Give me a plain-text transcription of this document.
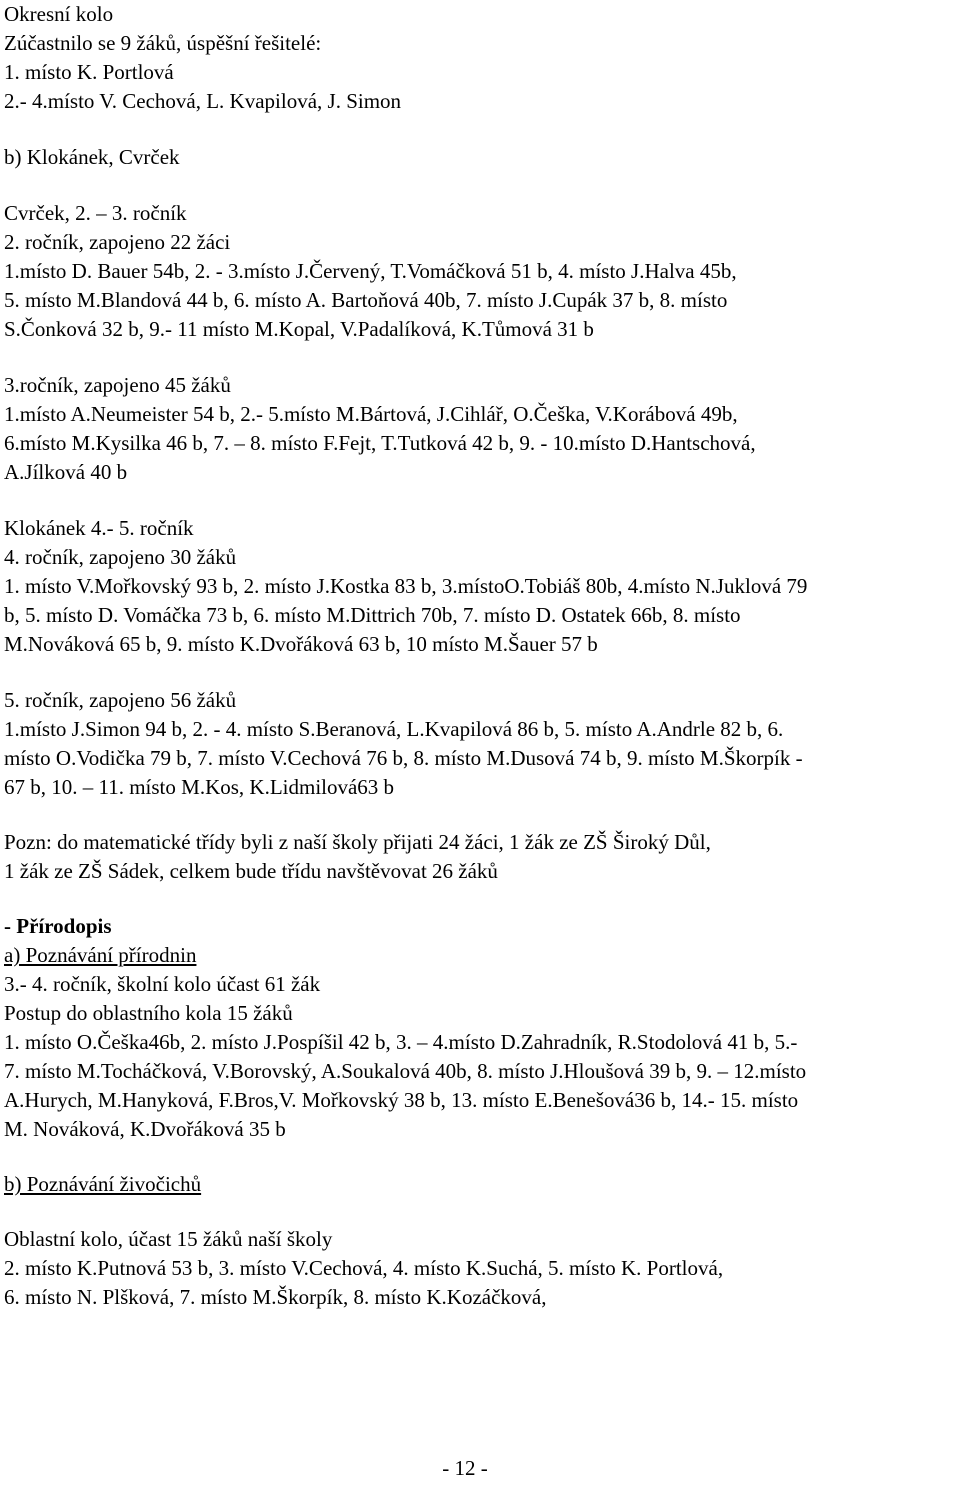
Okresní kolo
Zúčastnilo se 9 žáků, úspěšní řešitelé:
1. místo K. Portlová
2.- 4.místo V. Cechová, L. Kvapilová, J. Simon
b) Klokánek, Cvrček
Cvrček, 2. – 3. ročník
2. ročník, zapojeno 22 žáci
1.místo D. Bauer 54b, 2. - 3.místo J.Červený, T.Vomáčková 51 b, 4. místo J.Halva 45b,
5. místo M.Blandová 44 b, 6. místo A. Bartoňová 40b, 7. místo J.Cupák 37 b, 8. místo
S.Čonková 32 b, 9.- 11 místo M.Kopal, V.Padalíková, K.Tůmová 31 b
3.ročník, zapojeno 45 žáků
1.místo A.Neumeister 54 b, 2.- 5.místo M.Bártová, J.Cihlář, O.Češka, V.Korábová 49b,
6.místo M.Kysilka 46 b, 7. – 8. místo F.Fejt, T.Tutková 42 b, 9. - 10.místo D.Hantschová,
A.Jílková 40 b
Klokánek 4.- 5. ročník
4. ročník, zapojeno 30 žáků
1. místo V.Mořkovský 93 b, 2. místo J.Kostka 83 b, 3.místoO.Tobiáš 80b, 4.místo N.Juklová 79
b, 5. místo D. Vomáčka 73 b, 6. místo M.Dittrich 70b, 7. místo D. Ostatek 66b, 8. místo
M.Nováková 65 b, 9. místo K.Dvořáková 63 b, 10 místo M.Šauer 57 b
5. ročník, zapojeno 56 žáků
1.místo J.Simon 94 b, 2. - 4. místo S.Beranová, L.Kvapilová 86 b, 5. místo A.Andrle 82 b, 6.
místo O.Vodička 79 b, 7. místo V.Cechová 76 b, 8. místo M.Dusová 74 b, 9. místo M.Škorpík -
67 b, 10. – 11. místo M.Kos, K.Lidmilová63 b
Pozn: do matematické třídy byli z naší školy přijati 24 žáci, 1 žák ze ZŠ Široký Důl,
1 žák ze ZŠ Sádek, celkem bude třídu navštěvovat 26 žáků
- Přírodopis
a) Poznávání přírodnin
3.- 4. ročník, školní kolo účast 61 žák
Postup do oblastního kola 15 žáků
1. místo O.Češka46b, 2. místo J.Pospíšil 42 b, 3. – 4.místo D.Zahradník, R.Stodolová 41 b, 5.-
7. místo M.Tocháčková, V.Borovský, A.Soukalová 40b, 8. místo J.Hloušová 39 b, 9. – 12.místo
A.Hurych, M.Hanyková, F.Bros,V. Mořkovský 38 b, 13. místo E.Benešová36 b, 14.- 15. místo
M. Nováková, K.Dvořáková 35 b
b) Poznávání živočichů
Oblastní kolo, účast 15 žáků naší školy
2. místo K.Putnová 53 b, 3. místo V.Cechová, 4. místo K.Suchá, 5. místo K. Portlová,
6. místo N. Plšková, 7. místo M.Škorpík, 8. místo K.Kozáčková,
- 12 -
